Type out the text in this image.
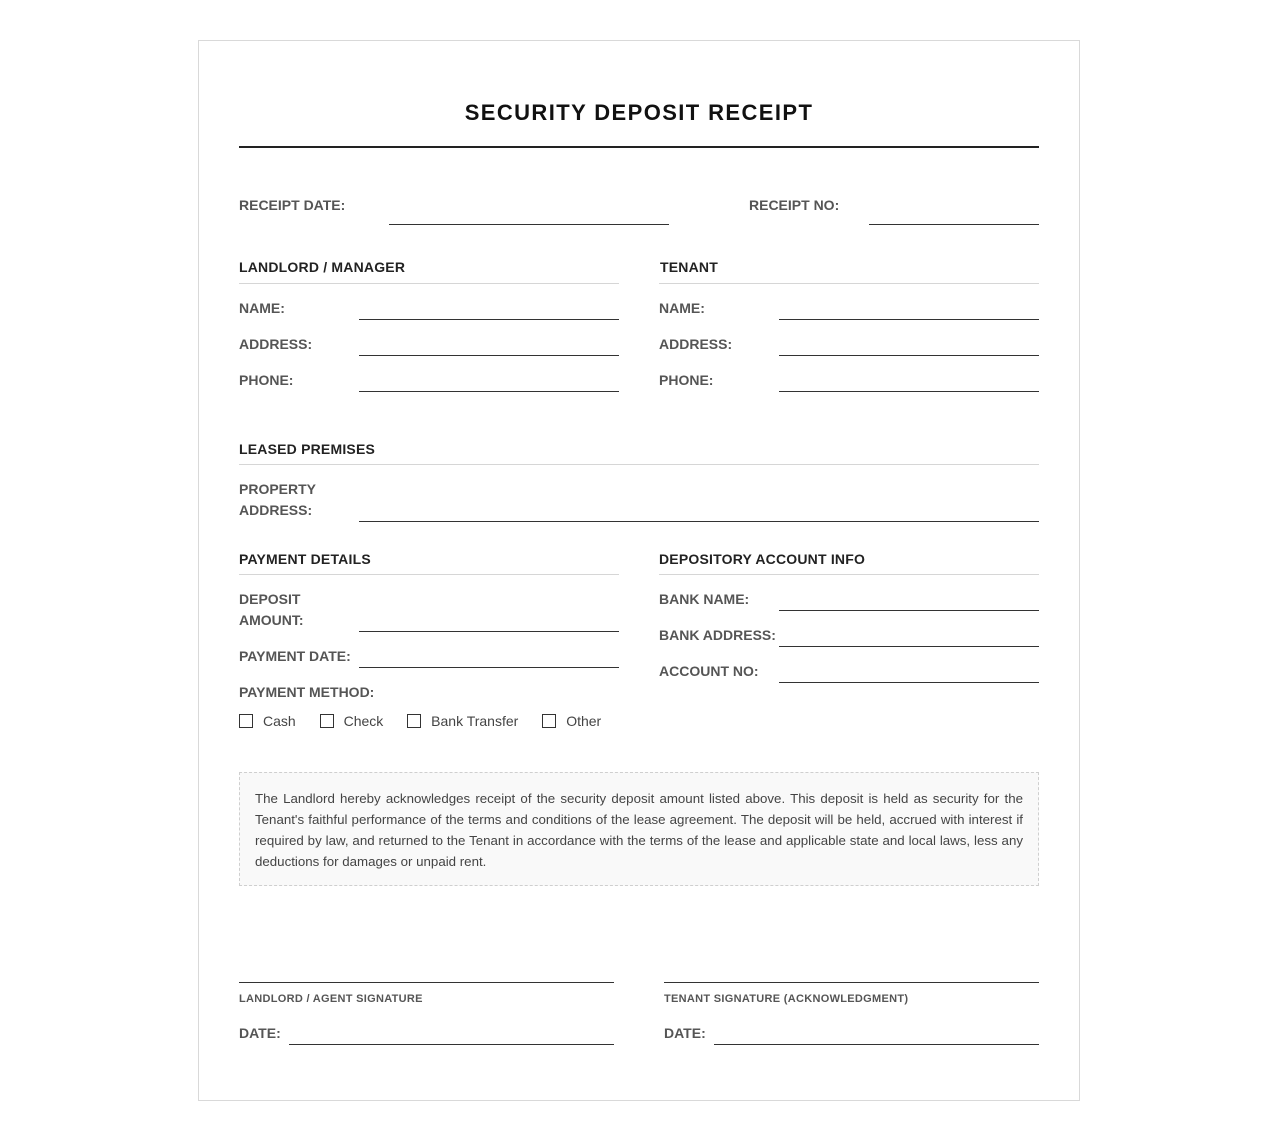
SECURITY DEPOSIT RECEIPT
RECEIPT DATE:	RECEIPT NO:
LANDLORD / MANAGER
NAME:
ADDRESS:
PHONE:
TENANT
NAME:
ADDRESS:
PHONE:
LEASED PREMISES
PROPERTY
ADDRESS:
PAYMENT DETAILS
DEPOSIT
AMOUNT:
PAYMENT DATE:
PAYMENT METHOD:
Cash
	Check
	Bank Transfer
	Other
DEPOSITORY ACCOUNT INFO
BANK NAME:
BANK ADDRESS:
ACCOUNT NO:
The Landlord hereby acknowledges receipt of the security deposit amount listed above. This deposit is held as security for the Tenant's faithful performance of the terms and conditions of the lease agreement. The deposit will be held, accrued with interest if required by law, and returned to the Tenant in accordance with the terms of the lease and applicable state and local laws, less any deductions for damages or unpaid rent.
LANDLORD / AGENT SIGNATURE
DATE:
TENANT SIGNATURE (ACKNOWLEDGMENT)
DATE:
